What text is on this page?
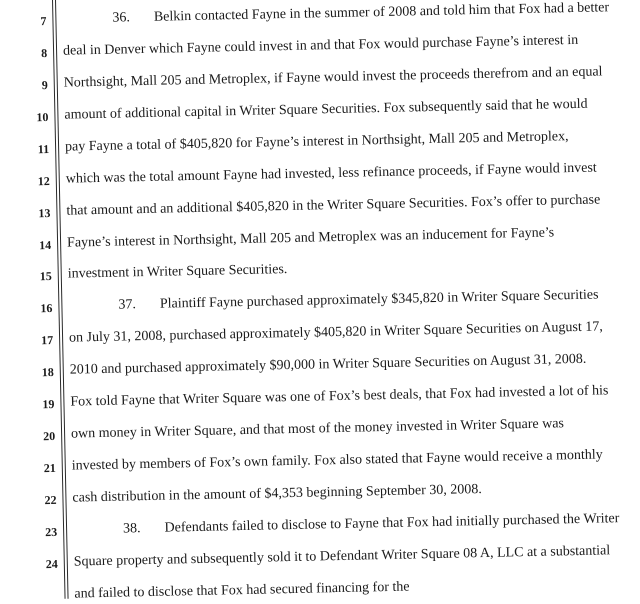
7
8
9
10
11
12
13
14
15
16
17
18
19
20
21
22
23
24
36. Belkin contacted Fayne in the summer of 2008 and told him that Fox had a better
deal in Denver which Fayne could invest in and that Fox would purchase Fayne’s interest in
Northsight, Mall 205 and Metroplex, if Fayne would invest the proceeds therefrom and an equal
amount of additional capital in Writer Square Securities. Fox subsequently said that he would
pay Fayne a total of $405,820 for Fayne’s interest in Northsight, Mall 205 and Metroplex,
which was the total amount Fayne had invested, less refinance proceeds, if Fayne would invest
that amount and an additional $405,820 in the Writer Square Securities. Fox’s offer to purchase
Fayne’s interest in Northsight, Mall 205 and Metroplex was an inducement for Fayne’s
investment in Writer Square Securities.
37. Plaintiff Fayne purchased approximately $345,820 in Writer Square Securities
on July 31, 2008, purchased approximately $405,820 in Writer Square Securities on August 17,
2010 and purchased approximately $90,000 in Writer Square Securities on August 31, 2008.
Fox told Fayne that Writer Square was one of Fox’s best deals, that Fox had invested a lot of his
own money in Writer Square, and that most of the money invested in Writer Square was
invested by members of Fox’s own family. Fox also stated that Fayne would receive a monthly
cash distribution in the amount of $4,353 beginning September 30, 2008.
38. Defendants failed to disclose to Fayne that Fox had initially purchased the Writer
Square property and subsequently sold it to Defendant Writer Square 08 A, LLC at a substantial
and failed to disclose that Fox had secured financing for the
